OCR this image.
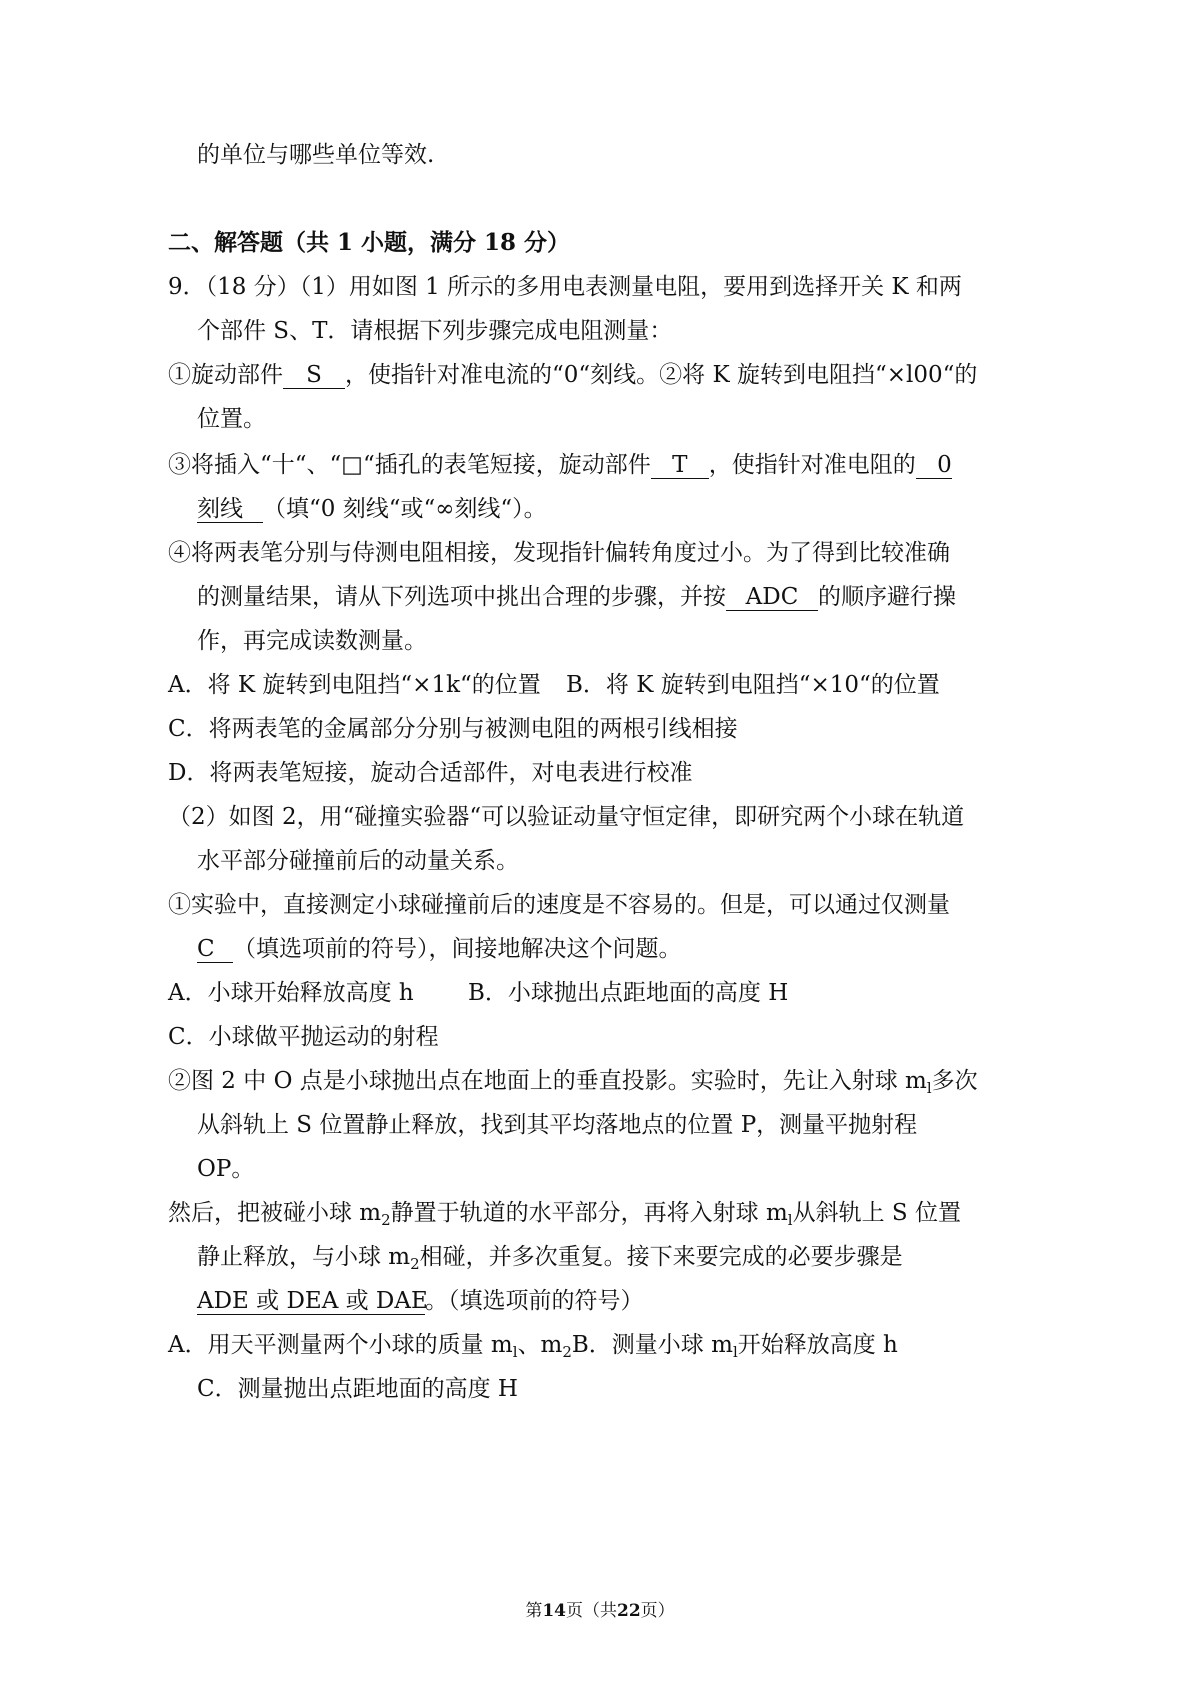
的单位与哪些单位等效.
二、解答题（共 1 小题，满分 18 分）
9．（18 分）（1）用如图 1 所示的多用电表测量电阻，要用到选择开关 K 和两
个部件 S、T．请根据下列步骤完成电阻测量：
①旋动部件 S ，使指针对准电流的“0“刻线。②将 K 旋转到电阻挡“×l00“的
位置。
③将插入“十“、“□“插孔的表笔短接，旋动部件 T ，使指针对准电阻的 0
刻线 （填“0 刻线“或“∞刻线“）。
④将两表笔分别与侍测电阻相接，发现指针偏转角度过小。为了得到比较准确
的测量结果，请从下列选项中挑出合理的步骤，并按 ADC 的顺序避行操
作，再完成读数测量。
A．将 K 旋转到电阻挡“×1k“的位置 B．将 K 旋转到电阻挡“×10“的位置
C．将两表笔的金属部分分别与被测电阻的两根引线相接
D．将两表笔短接，旋动合适部件，对电表进行校准
（2）如图 2，用“碰撞实验器“可以验证动量守恒定律，即研究两个小球在轨道
水平部分碰撞前后的动量关系。
①实验中，直接测定小球碰撞前后的速度是不容易的。但是，可以通过仅测量
C （填选项前的符号），间接地解决这个问题。
A．小球开始释放高度 h B．小球抛出点距地面的高度 H
C．小球做平抛运动的射程
②图 2 中 O 点是小球抛出点在地面上的垂直投影。实验时，先让入射球 $m_l$多次
从斜轨上 S 位置静止释放，找到其平均落地点的位置 P，测量平抛射程
OP。
然后，把被碰小球 $m_2$静置于轨道的水平部分，再将入射球 $m_l$从斜轨上 S 位置
静止释放，与小球 $m_2$相碰，并多次重复。接下来要完成的必要步骤是
ADE 或 DEA 或 DAE。（填选项前的符号）
A．用天平测量两个小球的质量 $m_l$、$m_2B$．测量小球 $m_l$开始释放高度 h
C．测量抛出点距地面的高度 H
第14页（共22页）
